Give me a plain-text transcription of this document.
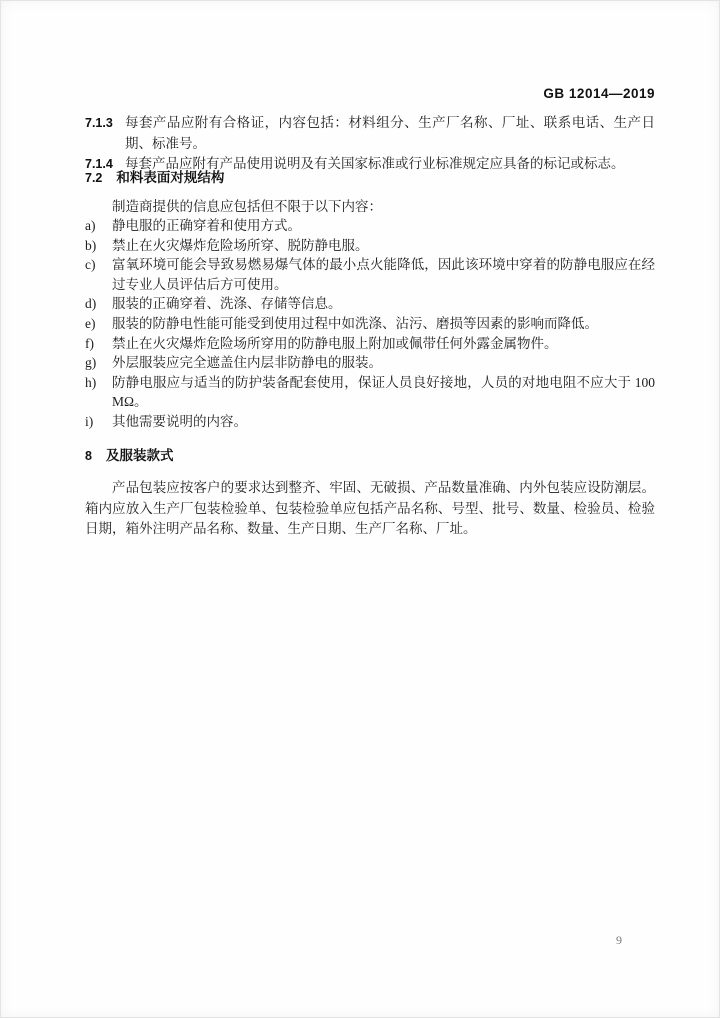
GB 12014—2019
7.1.3 每套产品应附有合格证，内容包括：材料组分、生产厂名称、厂址、联系电话、生产日期、标准号。
7.1.4 每套产品应附有产品使用说明及有关国家标准或行业标准规定应具备的标记或标志。
7.2 和料表面对规结构
制造商提供的信息应包括但不限于以下内容：
a)	静电服的正确穿着和使用方式。
b)	禁止在火灾爆炸危险场所穿、脱防静电服。
c)	富氧环境可能会导致易燃易爆气体的最小点火能降低，因此该环境中穿着的防静电服应在经过专业人员评估后方可使用。
d)	服装的正确穿着、洗涤、存储等信息。
e)	服装的防静电性能可能受到使用过程中如洗涤、沾污、磨损等因素的影响而降低。
f)	禁止在火灾爆炸危险场所穿用的防静电服上附加或佩带任何外露金属物件。
g)	外层服装应完全遮盖住内层非防静电的服装。
h)	防静电服应与适当的防护装备配套使用，保证人员良好接地，人员的对地电阻不应大于 100 MΩ。
i)	其他需要说明的内容。
8 及服装款式
产品包装应按客户的要求达到整齐、牢固、无破损、产品数量准确、内外包装应设防潮层。箱内应放入生产厂包装检验单、包装检验单应包括产品名称、号型、批号、数量、检验员、检验日期，箱外注明产品名称、数量、生产日期、生产厂名称、厂址。
9
